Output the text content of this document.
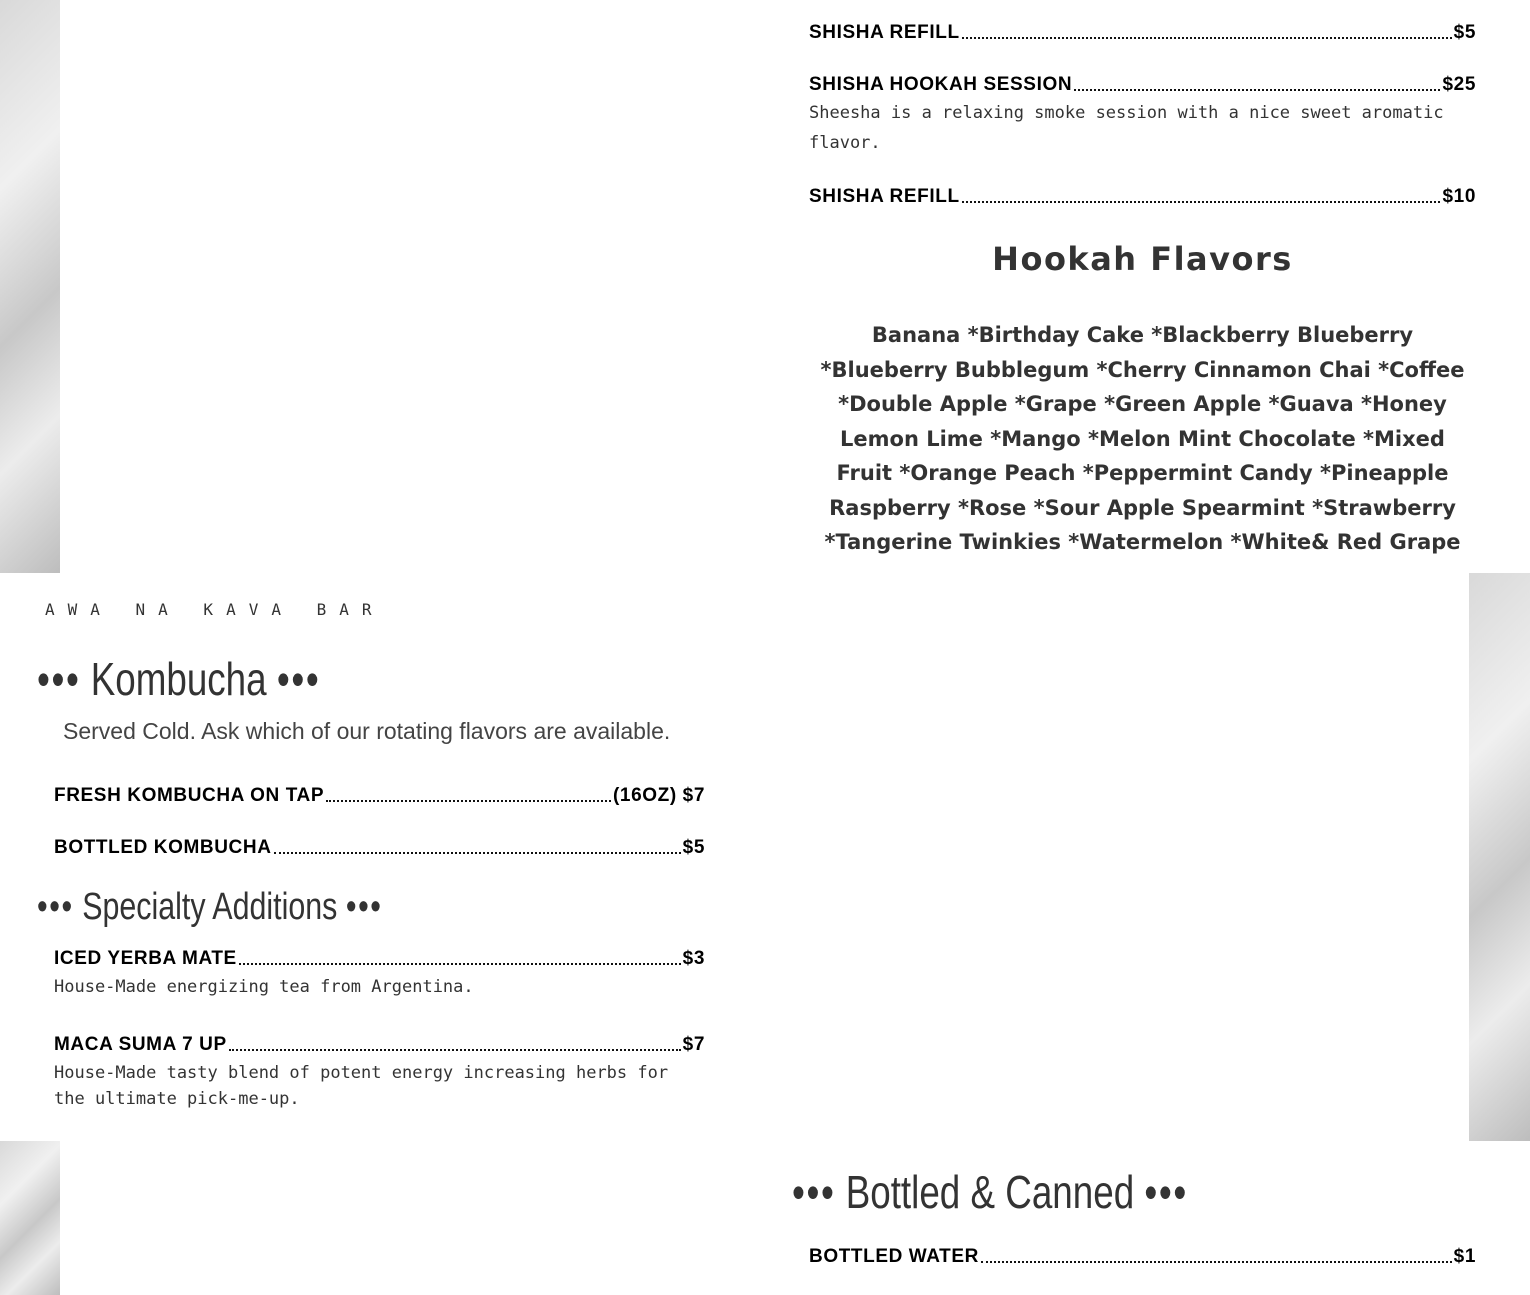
SHISHA REFILL	$5
SHISHA HOOKAH SESSION	$25
Sheesha is a relaxing smoke session with a nice sweet aromatic flavor.
SHISHA REFILL	$10
Hookah Flavors
Banana *Birthday Cake *Blackberry Blueberry *Blueberry Bubblegum *Cherry Cinnamon Chai *Coffee *Double Apple *Grape *Green Apple *Guava *Honey Lemon Lime *Mango *Melon Mint Chocolate *Mixed Fruit *Orange Peach *Peppermint Candy *Pineapple Raspberry *Rose *Sour Apple Spearmint *Strawberry *Tangerine Twinkies *Watermelon *White& Red Grape
AWA NA KAVA BAR
••• Kombucha •••
Served Cold. Ask which of our rotating flavors are available.
FRESH KOMBUCHA ON TAP	(16OZ) $7
BOTTLED KOMBUCHA	$5
••• Specialty Additions •••
ICED YERBA MATE	$3
House-Made energizing tea from Argentina.
MACA SUMA 7 UP	$7
House-Made tasty blend of potent energy increasing herbs for the ultimate pick-me-up.
••• Bottled & Canned •••
BOTTLED WATER	$1
